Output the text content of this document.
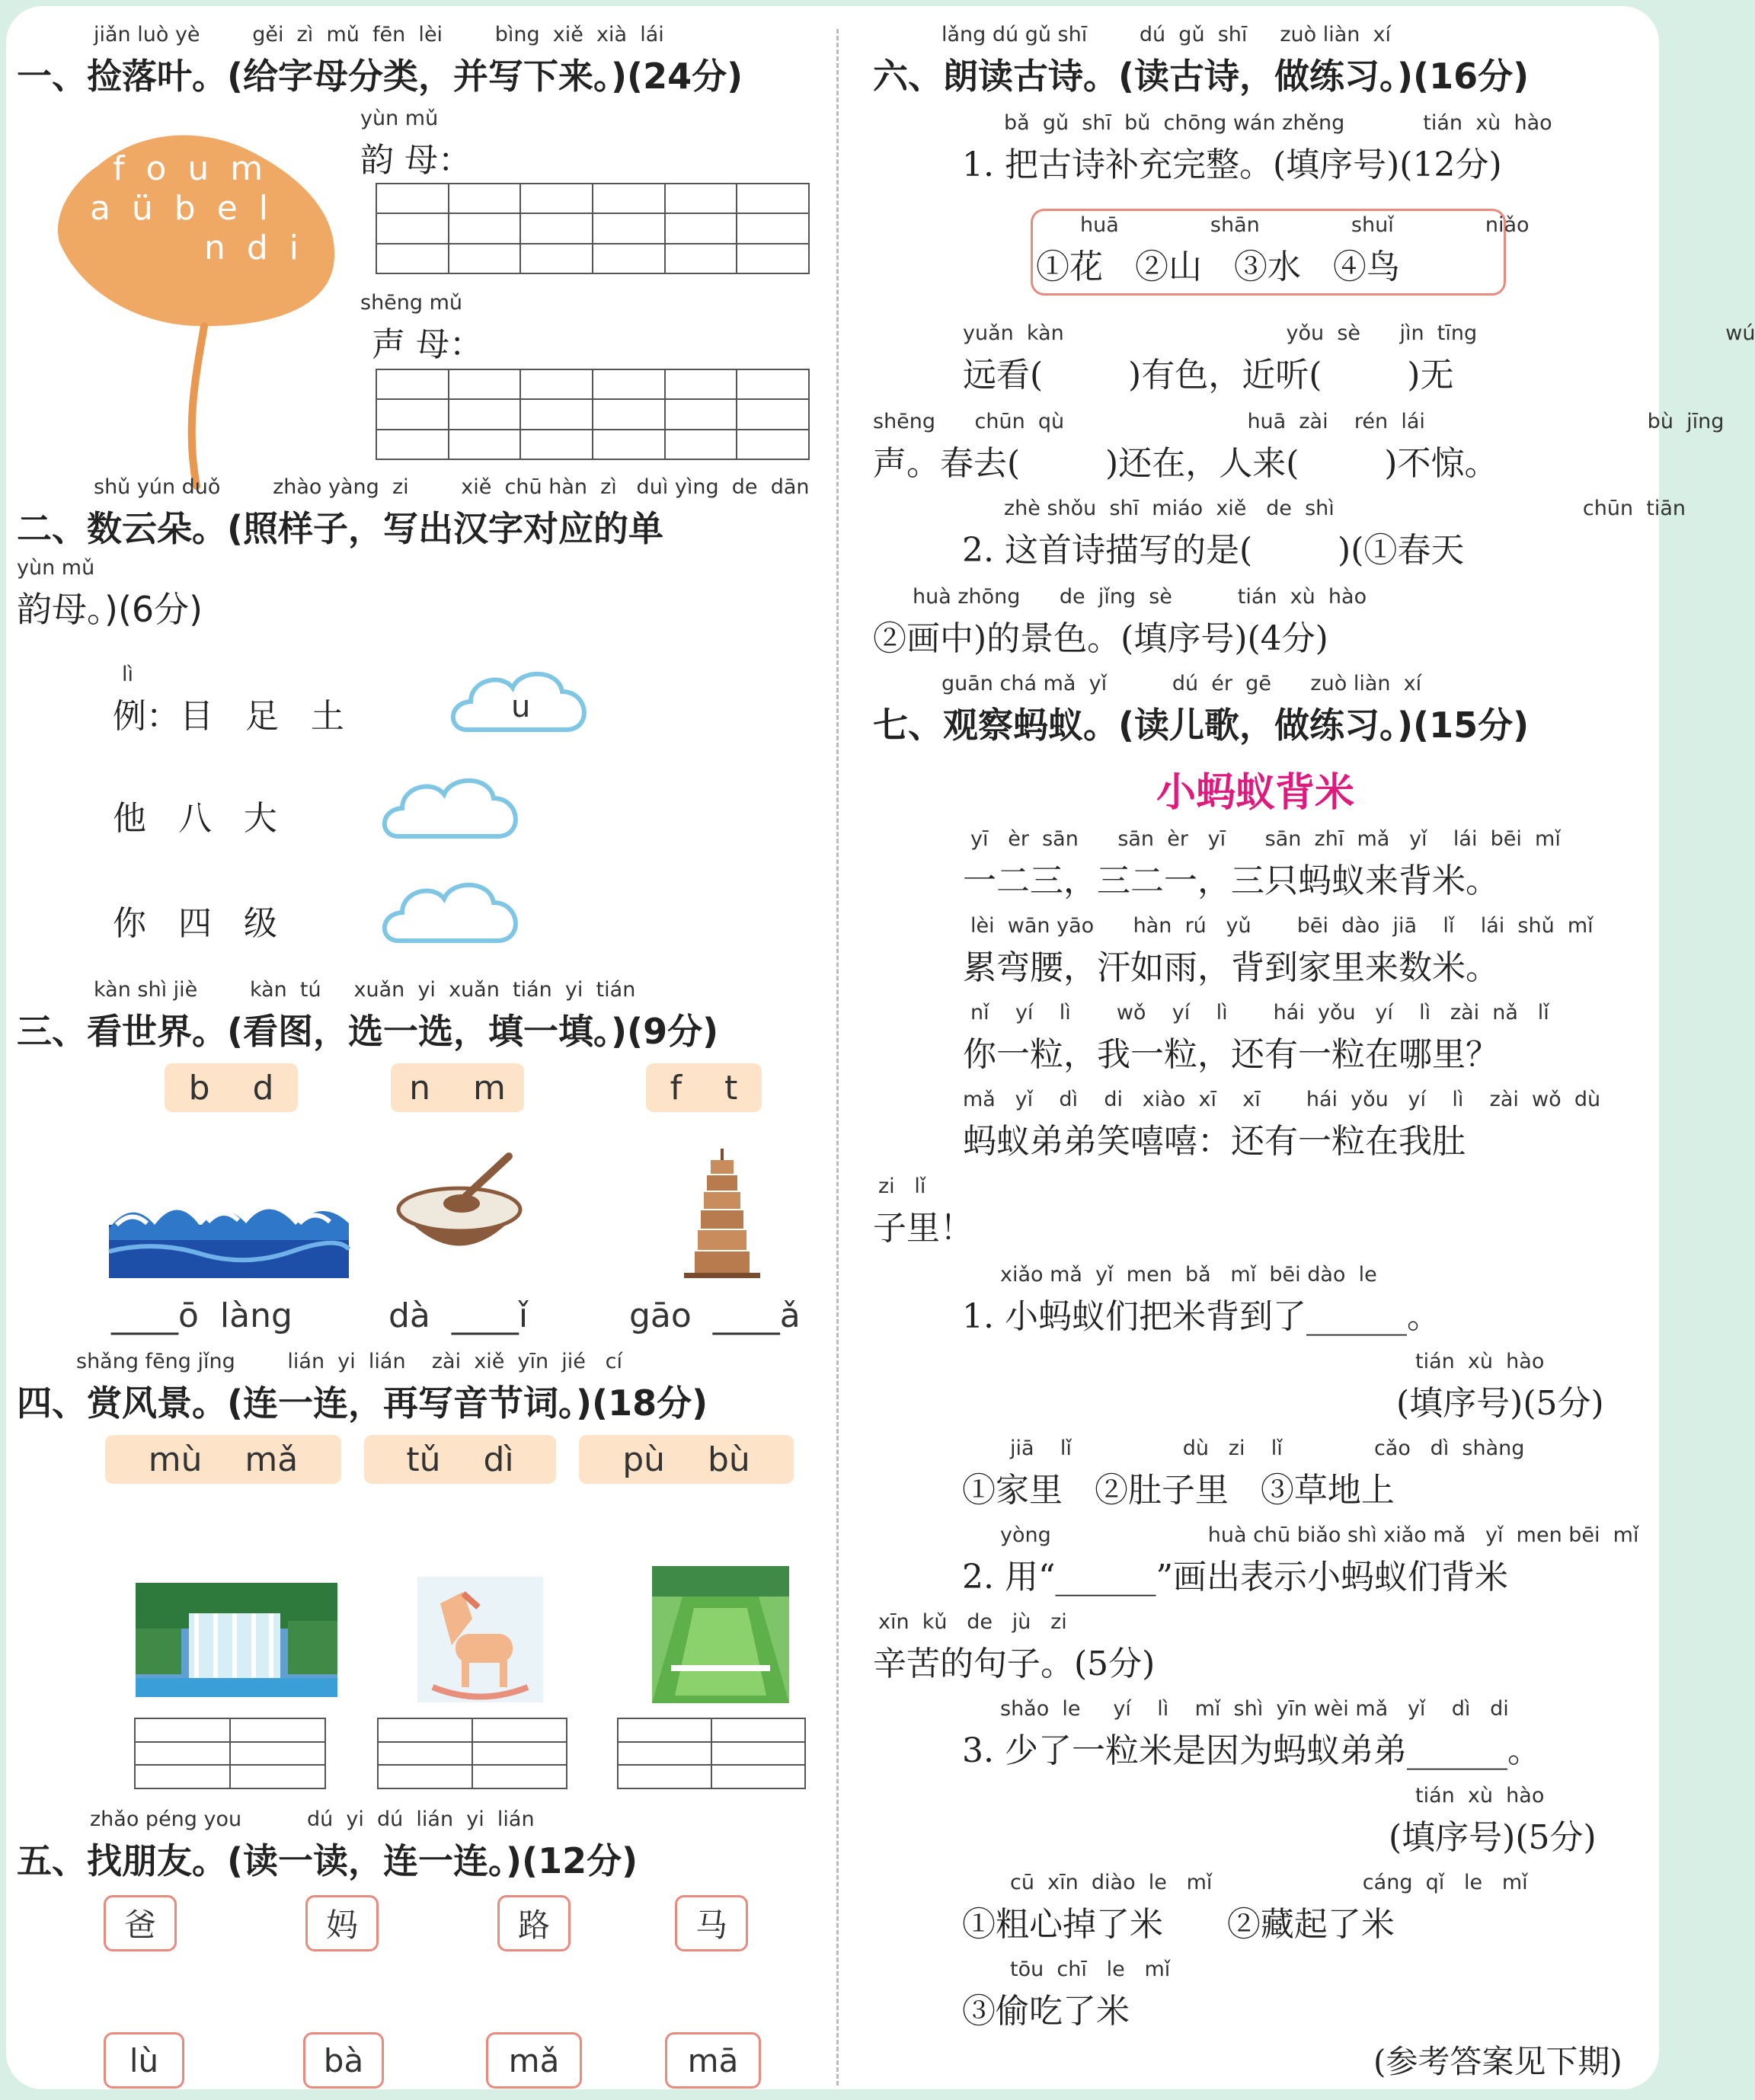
jiǎn luò yè        gěi  zì  mǔ  fēn  lèi        bìng  xiě  xià  lái
一、捡落叶。(给字母分类，并写下来。)(24分)
f  o  u  m
a  ü  b  e  l
n  d  i
yùn mǔ
韵 母：

shēng mǔ
声 母：

shǔ yún duǒ        zhào yàng  zi        xiě  chū hàn  zì   duì yìng  de  dān
二、数云朵。(照样子，写出汉字对应的单
yùn mǔ
韵母。)(6分)
lì
例：目   足   土	u
他   八   大
你   四   级
kàn shì jiè        kàn  tú     xuǎn  yi  xuǎn  tián  yi  tián
三、看世界。(看图，选一选，填一填。)(9分)
b    d	n    m	f    t
____ō  làng	dà  ____ǐ	gāo  ____ǎ
shǎng fēng jǐng        lián  yi  lián    zài  xiě  yīn  jié   cí
四、赏风景。(连一连，再写音节词。)(18分)
mù    mǎ	tǔ    dì	pù    bù

zhǎo péng you          dú  yi  dú  lián  yi  lián
五、找朋友。(读一读，连一连。)(12分)
爸	妈	路	马
lù	bà	mǎ	mā
lǎng dú gǔ shī        dú  gǔ  shī     zuò liàn  xí
六、朗读古诗。(读古诗，做练习。)(16分)
bǎ  gǔ  shī  bǔ  chōng wán zhěng            tián  xù  hào
1. 把古诗补充完整。(填序号)(12分)
huā              shān              shuǐ              niǎo
①花   ②山   ③水   ④鸟
yuǎn  kàn                                  yǒu  sè      jìn  tīng                                      wú
远看(        )有色，近听(        )无
shēng      chūn  qù                            huā  zài    rén  lái                                  bù  jīng
声。春去(        )还在，人来(        )不惊。
zhè shǒu  shī  miáo  xiě   de  shì                                      chūn  tiān
2. 这首诗描写的是(        )(①春天
huà zhōng      de  jǐng  sè          tián  xù  hào
②画中)的景色。(填序号)(4分)
guān chá mǎ  yǐ          dú  ér  gē      zuò liàn  xí
七、观察蚂蚁。(读儿歌，做练习。)(15分)
小蚂蚁背米
yī   èr  sān      sān  èr   yī      sān  zhī  mǎ   yǐ    lái  bēi  mǐ
一二三，三二一，三只蚂蚁来背米。
lèi  wān yāo      hàn  rú   yǔ       bēi  dào  jiā    lǐ    lái  shǔ  mǐ
累弯腰，汗如雨，背到家里来数米。
nǐ    yí    lì       wǒ    yí    lì       hái  yǒu   yí    lì   zài  nǎ   lǐ
你一粒，我一粒，还有一粒在哪里？
mǎ   yǐ    dì    di   xiào  xī    xī       hái  yǒu   yí    lì    zài  wǒ  dù
蚂蚁弟弟笑嘻嘻：还有一粒在我肚
zi   lǐ
子里！
xiǎo mǎ  yǐ  men  bǎ   mǐ  bēi dào  le
1. 小蚂蚁们把米背到了______。
tián  xù  hào
(填序号)(5分)
jiā    lǐ                 dù   zi    lǐ              cǎo   dì  shàng
①家里   ②肚子里   ③草地上
yòng                        huà chū biǎo shì xiǎo mǎ   yǐ  men bēi  mǐ
2. 用“______”画出表示小蚂蚁们背米
xīn  kǔ   de   jù   zi
辛苦的句子。(5分)
shǎo  le     yí    lì    mǐ  shì  yīn wèi mǎ   yǐ    dì   di
3. 少了一粒米是因为蚂蚁弟弟______。
tián  xù  hào
(填序号)(5分)
cū  xīn  diào  le   mǐ                       cáng  qǐ   le   mǐ
①粗心掉了米      ②藏起了米
tōu  chī   le   mǐ
③偷吃了米
(参考答案见下期)
